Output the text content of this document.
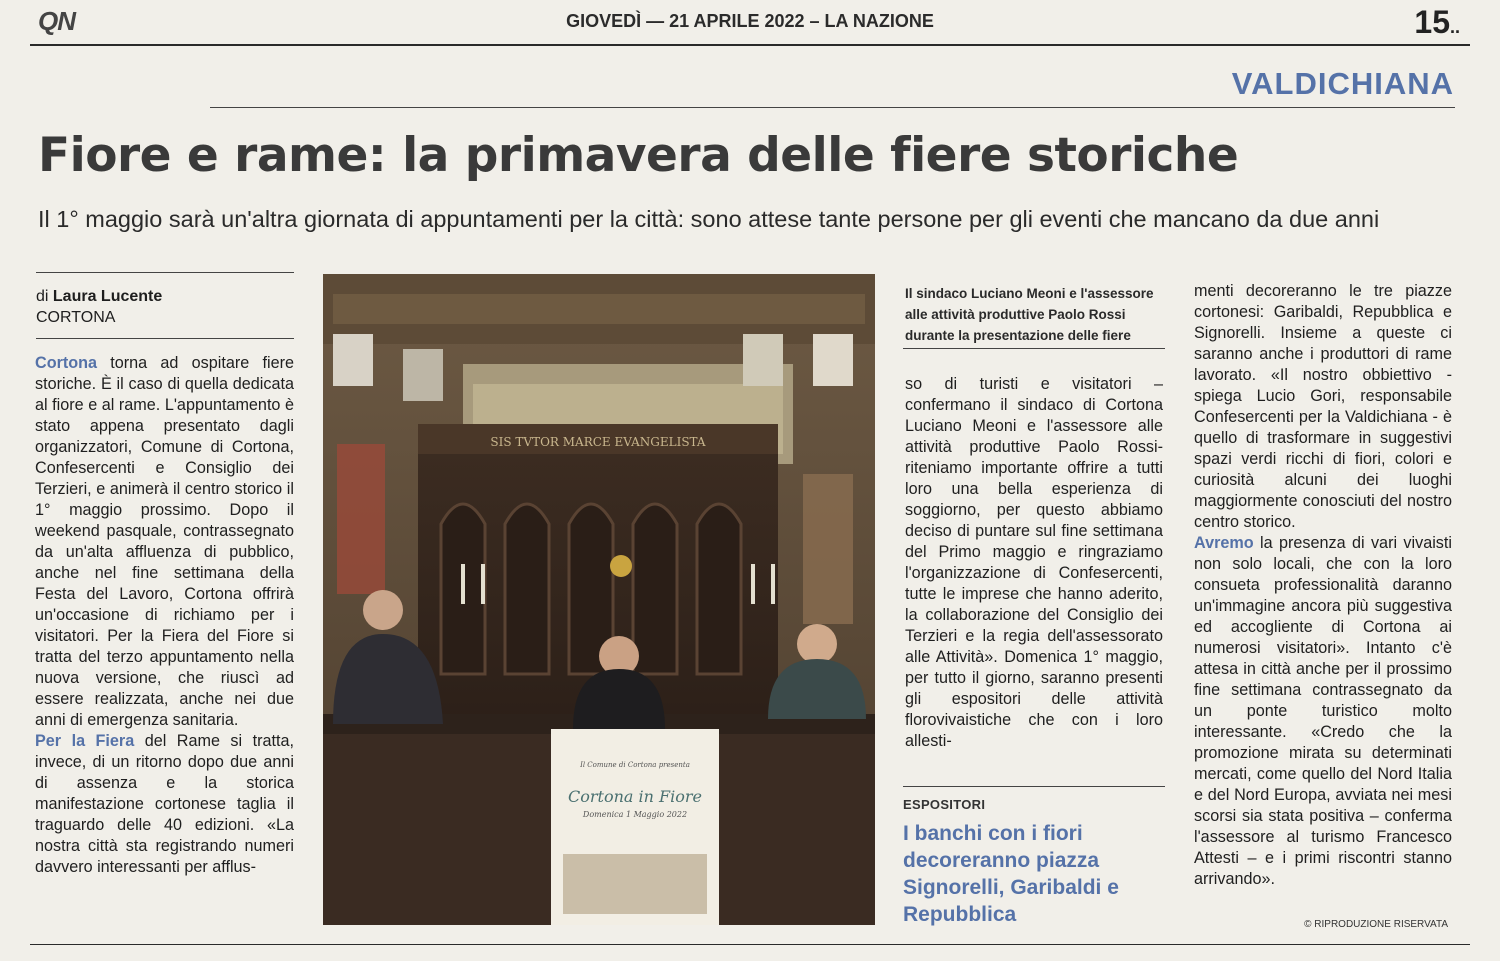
QN	GIOVEDÌ — 21 APRILE 2022 – LA NAZIONE	15..
VALDICHIANA
Fiore e rame: la primavera delle fiere storiche
Il 1° maggio sarà un'altra giornata di appuntamenti per la città: sono attese tante persone per gli eventi che mancano da due anni
di Laura Lucente
CORTONA

Cortona torna ad ospitare fiere storiche. È il caso di quella dedicata al fiore e al rame. L'appuntamento è stato appena presentato dagli organizzatori, Comune di Cortona, Confesercenti e Consiglio dei Terzieri, e animerà il centro storico il 1° maggio prossimo. Dopo il weekend pasquale, contrassegnato da un'alta affluenza di pubblico, anche nel fine settimana della Festa del Lavoro, Cortona offrirà un'occasione di richiamo per i visitatori. Per la Fiera del Fiore si tratta del terzo appuntamento nella nuova versione, che riuscì ad essere realizzata, anche nei due anni di emergenza sanitaria.

Per la Fiera del Rame si tratta, invece, di un ritorno dopo due anni di assenza e la storica manifestazione cortonese taglia il traguardo delle 40 edizioni. «La nostra città sta registrando numeri davvero interessanti per afflus-

SIS TVTOR MARCE EVANGELISTA
Il Comune di Cortona presenta
Cortona in Fiore
Domenica 1 Maggio 2022
Il sindaco Luciano Meoni e l'assessore alle attività produttive Paolo Rossi durante la presentazione delle fiere

so di turisti e visitatori – confermano il sindaco di Cortona Luciano Meoni e l'assessore alle attività produttive Paolo Rossi- riteniamo importante offrire a tutti loro una bella esperienza di soggiorno, per questo abbiamo deciso di puntare sul fine settimana del Primo maggio e ringraziamo l'organizzazione di Confesercenti, tutte le imprese che hanno aderito, la collaborazione del Consiglio dei Terzieri e la regia dell'assessorato alle Attività». Domenica 1° maggio, per tutto il giorno, saranno presenti gli espositori delle attività florovivaistiche che con i loro allesti-

ESPOSITORI
I banchi con i fiori decoreranno piazza Signorelli, Garibaldi e Repubblica

menti decoreranno le tre piazze cortonesi: Garibaldi, Repubblica e Signorelli. Insieme a queste ci saranno anche i produttori di rame lavorato. «Il nostro obbiettivo - spiega Lucio Gori, responsabile Confesercenti per la Valdichiana - è quello di trasformare in suggestivi spazi verdi ricchi di fiori, colori e curiosità alcuni dei luoghi maggiormente conosciuti del nostro centro storico.

Avremo la presenza di vari vivaisti non solo locali, che con la loro consueta professionalità daranno un'immagine ancora più suggestiva ed accogliente di Cortona ai numerosi visitatori». Intanto c'è attesa in città anche per il prossimo fine settimana contrassegnato da un ponte turistico molto interessante. «Credo che la promozione mirata su determinati mercati, come quello del Nord Italia e del Nord Europa, avviata nei mesi scorsi sia stata positiva – conferma l'assessore al turismo Francesco Attesti – e i primi riscontri stanno arrivando».

© RIPRODUZIONE RISERVATA
